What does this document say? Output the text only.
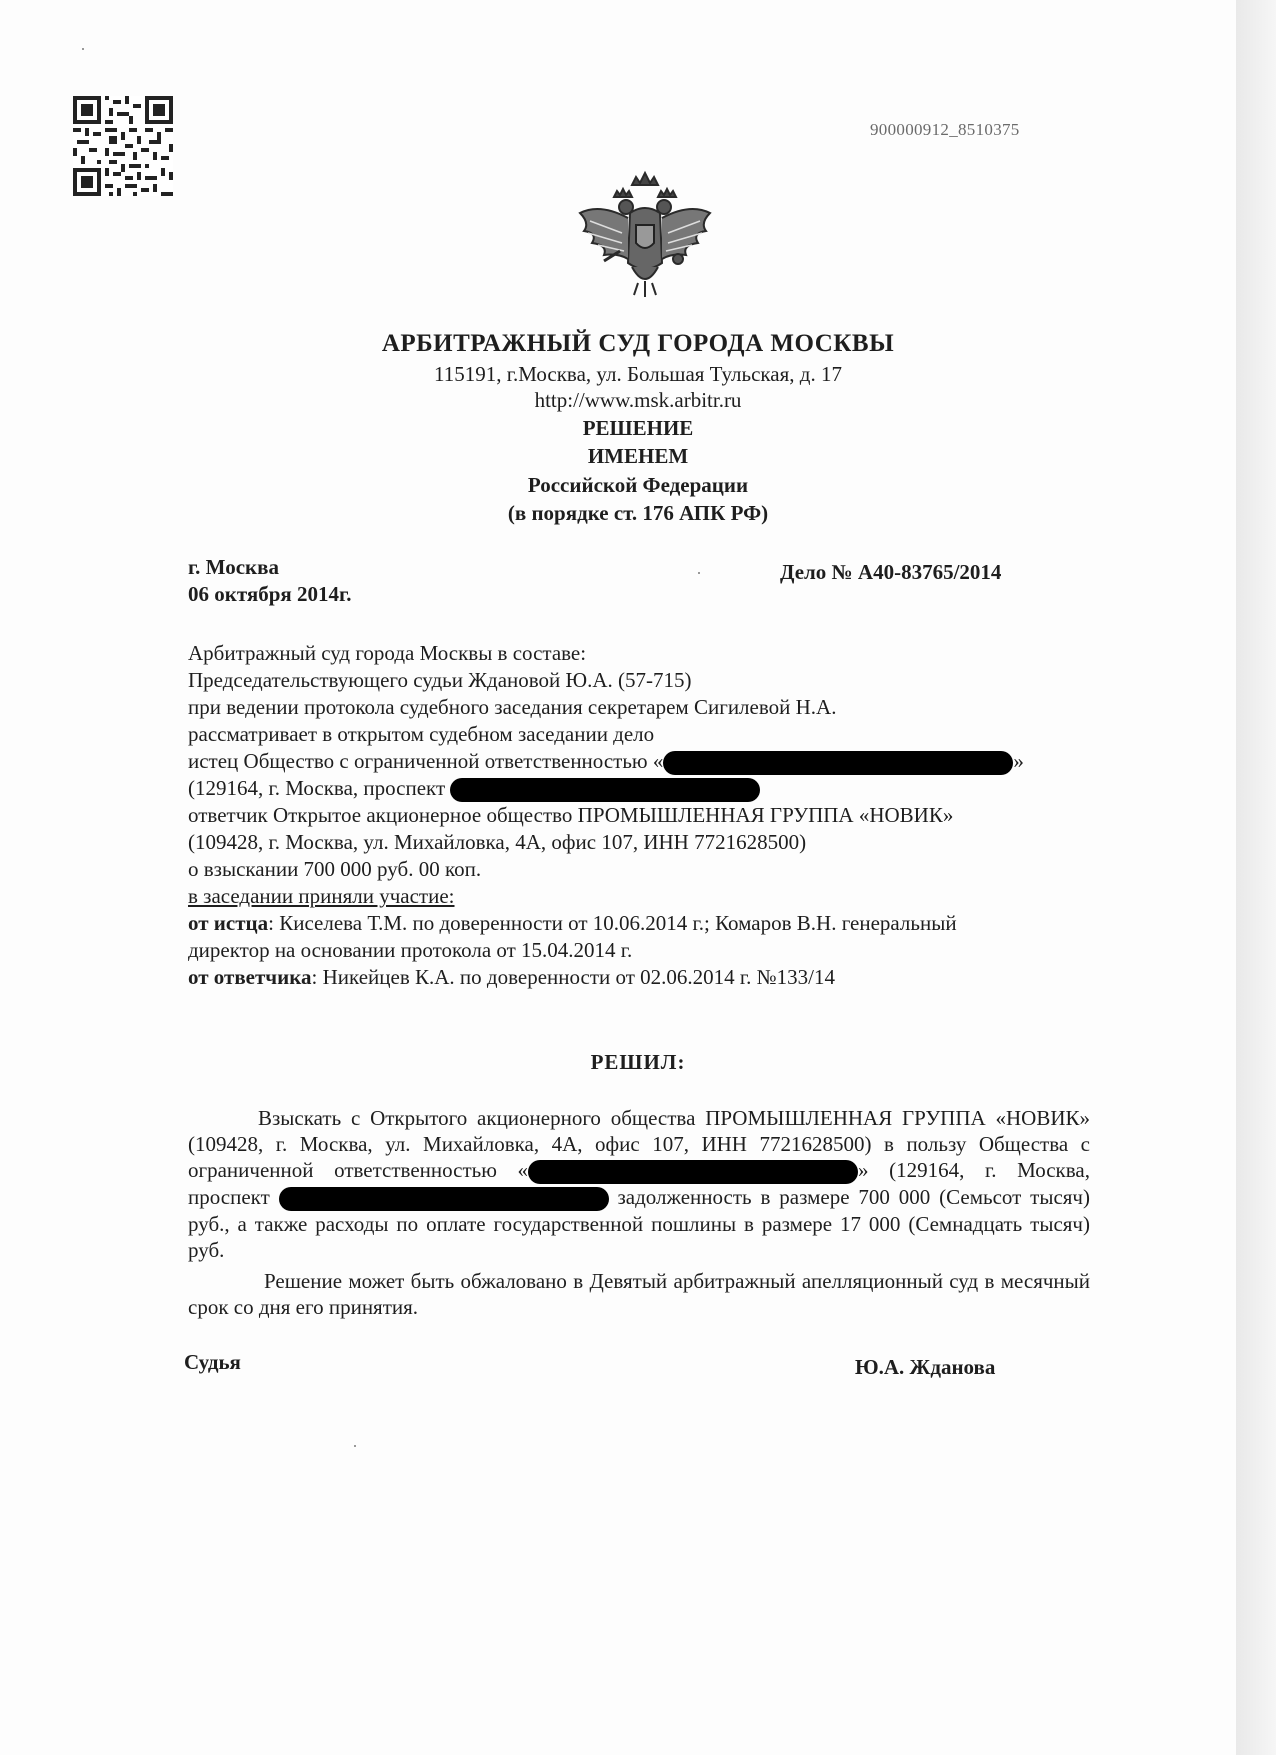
900000912_8510375
АРБИТРАЖНЫЙ СУД ГОРОДА МОСКВЫ
115191, г.Москва, ул. Большая Тульская, д. 17
http://www.msk.arbitr.ru
РЕШЕНИЕ
ИМЕНЕМ
Российской Федерации
(в порядке ст. 176 АПК РФ)
г. Москва
06 октября 2014г.
Дело № А40-83765/2014
Арбитражный суд города Москвы в составе:
Председательствующего судьи Ждановой Ю.А. (57-715)
при ведении протокола судебного заседания секретарем Сигилевой Н.А.
рассматривает в открытом судебном заседании дело
истец Общество с ограниченной ответственностью «	»
(129164, г. Москва, проспект
ответчик Открытое акционерное общество ПРОМЫШЛЕННАЯ ГРУППА «НОВИК»
(109428, г. Москва, ул. Михайловка, 4А, офис 107, ИНН 7721628500)
о взыскании 700 000 руб. 00 коп.
в заседании приняли участие:
от истца: Киселева Т.М. по доверенности от 10.06.2014 г.; Комаров В.Н. генеральный
директор на основании протокола от 15.04.2014 г.
от ответчика: Никейцев К.А. по доверенности от 02.06.2014 г. №133/14
РЕШИЛ:
Взыскать с Открытого акционерного общества ПРОМЫШЛЕННАЯ ГРУППА «НОВИК» (109428, г. Москва, ул. Михайловка, 4А, офис 107, ИНН 7721628500) в пользу Общества с ограниченной ответственностью «	» (129164, г. Москва, проспект	задолженность в размере 700 000 (Семьсот тысяч) руб., а также расходы по оплате государственной пошлины в размере 17 000 (Семнадцать тысяч) руб.
Решение может быть обжаловано в Девятый арбитражный апелляционный суд в месячный срок со дня его принятия.
Судья	Ю.А. Жданова
